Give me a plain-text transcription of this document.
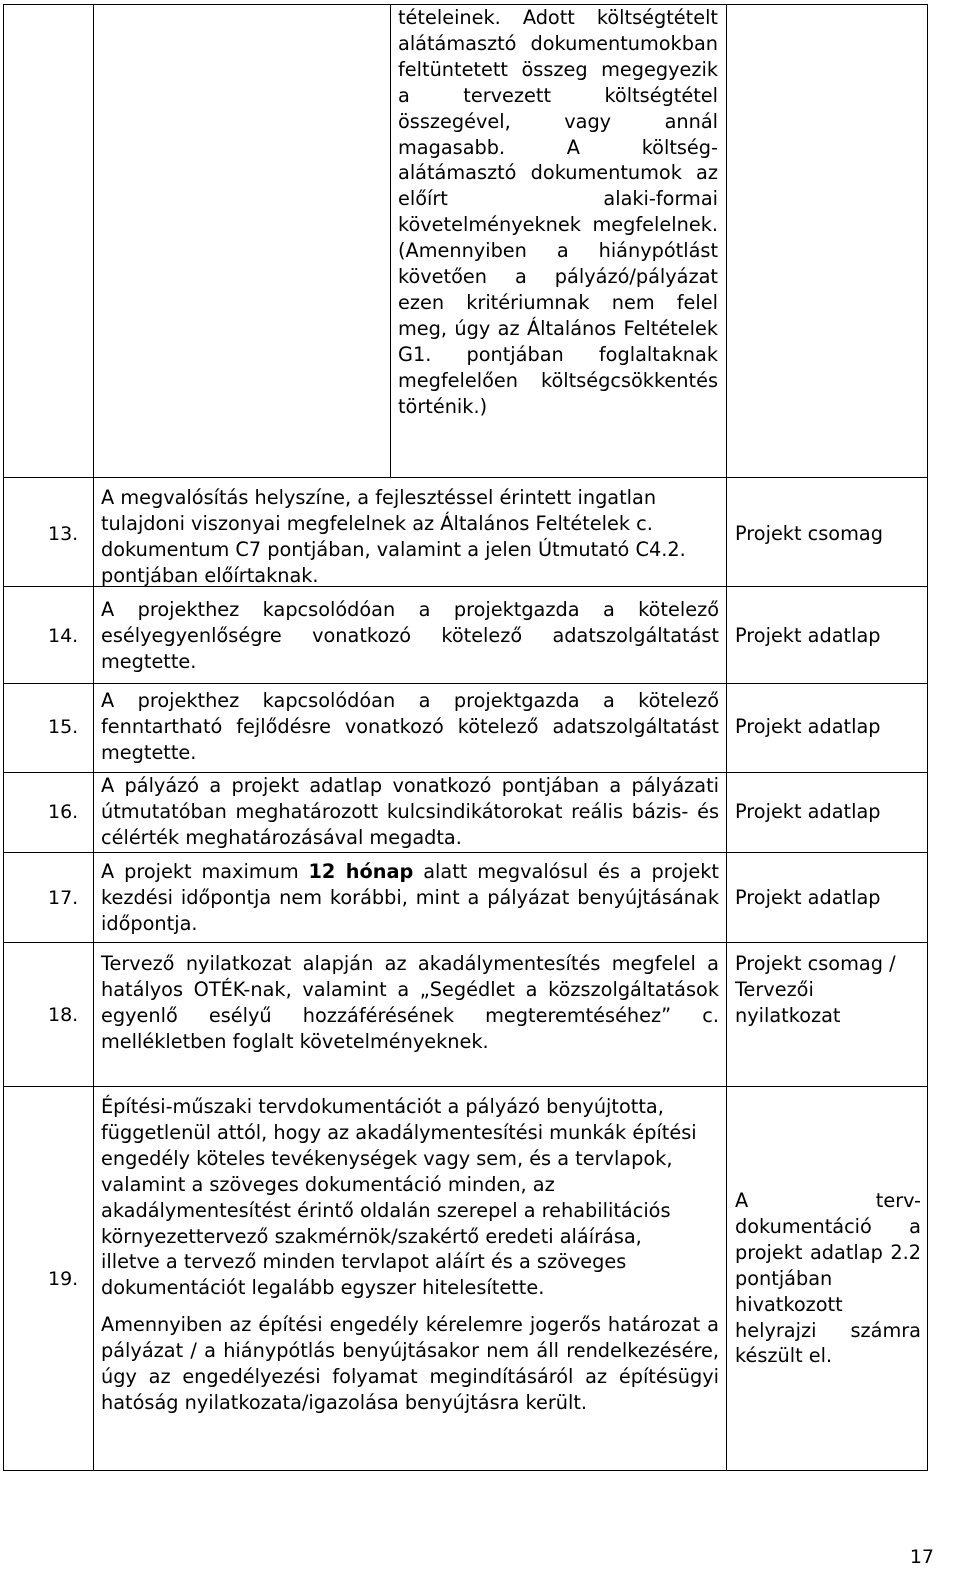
tételeinek. Adott költségtételt alátámasztó dokumentumokban feltüntetett összeg megegyezik a tervezett költségtétel összegével, vagy annál magasabb. A költség-alátámasztó dokumentumok az előírt alaki-formai követelményeknek megfelelnek. (Amennyiben a hiánypótlást követően a pályázó/pályázat ezen kritériumnak nem felel meg, úgy az Általános Feltételek G1. pontjában foglaltaknak megfelelően költségcsökkentés történik.)
13.
A megvalósítás helyszíne, a fejlesztéssel érintett ingatlan tulajdoni viszonyai megfelelnek az Általános Feltételek c. dokumentum C7 pontjában, valamint a jelen Útmutató C4.2. pontjában előírtaknak.
Projekt csomag
14.
A projekthez kapcsolódóan a projektgazda a kötelező esélyegyenlőségre vonatkozó kötelező adatszolgáltatást megtette.
Projekt adatlap
15.
A projekthez kapcsolódóan a projektgazda a kötelező fenntartható fejlődésre vonatkozó kötelező adatszolgáltatást megtette.
Projekt adatlap
16.
A pályázó a projekt adatlap vonatkozó pontjában a pályázati útmutatóban meghatározott kulcsindikátorokat reális bázis- és célérték meghatározásával megadta.
Projekt adatlap
17.
A projekt maximum 12 hónap alatt megvalósul és a projekt kezdési időpontja nem korábbi, mint a pályázat benyújtásának időpontja.
Projekt adatlap
18.
Tervező nyilatkozat alapján az akadálymentesítés megfelel a hatályos OTÉK-nak, valamint a „Segédlet a közszolgáltatások egyenlő esélyű hozzáférésének megteremtéséhez” c. mellékletben foglalt követelményeknek.
Projekt csomag / Tervezői nyilatkozat
19.

Építési-műszaki tervdokumentációt a pályázó benyújtotta, függetlenül attól, hogy az akadálymentesítési munkák építési engedély köteles tevékenységek vagy sem, és a tervlapok, valamint a szöveges dokumentáció minden, az akadálymentesítést érintő oldalán szerepel a rehabilitációs környezettervező szakmérnök/szakértő eredeti aláírása, illetve a tervező minden tervlapot aláírt és a szöveges dokumentációt legalább egyszer hitelesítette.

Amennyiben az építési engedély kérelemre jogerős határozat a pályázat / a hiánypótlás benyújtásakor nem áll rendelkezésére, úgy az engedélyezési folyamat megindításáról az építésügyi hatóság nyilatkozata/igazolása benyújtásra került.

A terv-dokumentáció a projekt adatlap 2.2 pontjában hivatkozott helyrajzi számra készült el.
17
